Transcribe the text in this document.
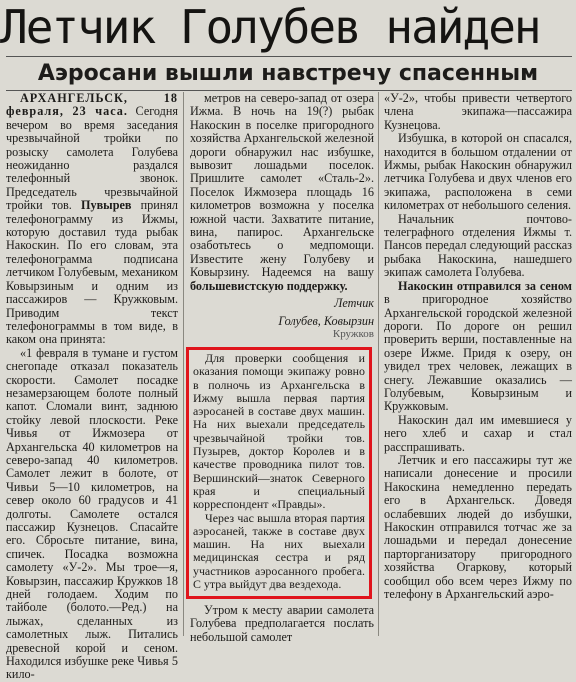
Летчик Голубев найден
Аэросани вышли навстречу спасенным

АРХАНГЕЛЬСК, 18 февраля, 23 часа. Сегодня вечером во время заседания чрезвычайной тройки по розыску самолета Голубева неожиданно раздался телефонный звонок. Председатель чрезвычайной тройки тов. Пувырев принял телефонограмму из Ижмы, которую доставил туда рыбак Накоскин. По его словам, эта телефонограмма подписана летчиком Голубевым, механиком Ковырзиным и одним из пассажиров — Кружковым. Приводим текст телефонограммы в том виде, в каком она принята:

«1 февраля в тумане и густом снегопаде отказал показатель скорости. Самолет посадке незамерзающем болоте полный капот. Сломали винт, заднюю стойку левой плоскости. Реке Чивья от Ижмозера от Архангельска 40 километров на северо-запад 40 километров. Самолет лежит в болоте, от Чивьи 5—10 километров, на север около 60 градусов и 41 долготы. Самолете остался пассажир Кузнецов. Спасайте его. Сбросьте питание, вина, спичек. Посадка возможна самолету «У-2». Мы трое—я, Ковырзин, пассажир Кружков 18 дней голодаем. Ходим по тайболе (болото.—Ред.) на лыжах, сделанных из самолетных лыж. Питались древесной корой и сеном. Находился избушке реке Чивья 5 кило-

метров на северо-запад от озера Ижма. В ночь на 19(?) рыбак Накоскин в поселке пригородного хозяйства Архангельской железной дороги обнаружил нас избушке, вывозит лошадьми поселок. Пришлите самолет «Сталь-2». Поселок Ижмозера площадь 16 километров возможна у поселка южной части. Захватите питание, вина, папирос. Архангельске озаботьтесь о медпомощи. Известите жену Голубеву и Ковырзину. Надеемся на вашу большевистскую поддержку.

Летчик
Голубев, Ковырзин
Кружков

Для проверки сообщения и оказания помощи экипажу ровно в полночь из Архангельска в Ижму вышла первая партия аэросаней в составе двух машин. На них выехали председатель чрезвычайной тройки тов. Пузырев, доктор Королев и в качестве проводника пилот тов. Вершинский—знаток Северного края и специальный корреспондент «Правды».

Через час вышла вторая партия аэросаней, также в составе двух машин. На них выехали медицинская сестра и ряд участников аэросанного пробега. С утра выйдут два вездехода.

Утром к месту аварии самолета Голубева предполагается послать небольшой самолет

«У-2», чтобы привести четвертого члена экипажа—пассажира Кузнецова.

Избушка, в которой он спасался, находится в большом отдалении от Ижмы, рыбак Накоскин обнаружил летчика Голубева и двух членов его экипажа, расположена в семи километрах от небольшого селения.

Начальник почтово-телеграфного отделения Ижмы т. Пансов передал следующий рассказ рыбака Накоскина, нашедшего экипаж самолета Голубева.

Накоскин отправился за сеном в пригородное хозяйство Архангельской городской железной дороги. По дороге он решил проверить верши, поставленные на озере Ижме. Придя к озеру, он увидел трех человек, лежащих в снегу. Лежавшие оказались — Голубевым, Ковырзиным и Кружковым.

Накоскин дал им имевшиеся у него хлеб и сахар и стал расспрашивать.

Летчик и его пассажиры тут же написали донесение и просили Накоскина немедленно передать его в Архангельск. Доведя ослабевших людей до избушки, Накоскин отправился тотчас же за лошадьми и передал донесение парторганизатору пригородного хозяйства Огаркову, который сообщил обо всем через Ижму по телефону в Архангельский аэро-
